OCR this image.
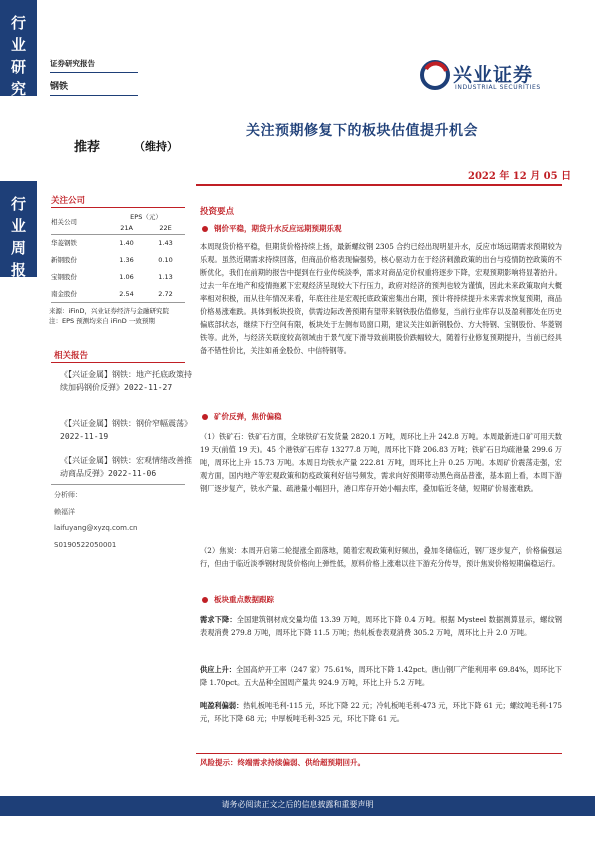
行
业
研
究
行
业
周
报
证券研究报告
钢铁
兴业证券
INDUSTRIAL SECURITIES
推荐	（维持）
关注预期修复下的板块估值提升机会
2022 年 12 月 05 日
关注公司
相关公司	EPS（元）
21A 22E	

华菱钢铁	1.40	1.43
新钢股份	1.36	0.10
宝钢股份	1.06	1.13
南金股份	2.54	2.72
来源：iFinD，兴业证券经济与金融研究院
注：EPS 预测均来自 iFinD 一致预期
相关报告
《【兴证金属】钢铁：地产托底政策持续加码钢价反弹》2022-11-27
《【兴证金属】钢铁：钢价窄幅震荡》2022-11-19
《【兴证金属】钢铁：宏观情绪改善推动商品反弹》2022-11-06
分析师：
赖福洋
laifuyang@xyzq.com.cn
S0190522050001
投资要点
钢价平稳，期货升水反应远期预期乐观
本周现货价格平稳，但期货价格持续上扬，最新螺纹钢 2305 合约已经出现明显升水，反应市场远期需求预期较为乐观。虽然近期需求持续回落，但商品价格表现偏强势，核心驱动力在于经济刺激政策的出台与疫情防控政策的不断优化，我们在前期的报告中提到在行业传统淡季，需求对商品定价权重将逐步下降，宏观预期影响将显著抬升。过去一年在地产和疫情拖累下宏观经济呈现较大下行压力，政府对经济的预判也较为谨慎，因此未来政策取向大概率相对积极，而从往年情况来看，年底往往是宏观托底政策密集出台期，预计将持续提升未来需求恢复预期，商品价格易涨难跌。具体到板块投资，供需边际改善预期有望带来钢铁股估值修复，当前行业库存以及盈利都处在历史偏底部状态，继续下行空间有限，板块处于左侧布局窗口期，建议关注如新钢股份、方大特钢、宝钢股份、华菱钢铁等。此外，与经济关联度较高领域由于景气度下滑导致前期股价跌幅较大，随着行业修复预期提升，当前已经具备不错性价比，关注如甬金股份、中信特钢等。
矿价反弹，焦价偏稳
（1）铁矿石：铁矿石方面，全球铁矿石发货量 2820.1 万吨，周环比上升 242.8 万吨。本周最新进口矿可用天数 19 天(前值 19 天)。45 个港铁矿石库存 13277.8 万吨，周环比下降 206.83 万吨；铁矿石日均疏港量 299.6 万吨，周环比上升 15.73 万吨。本周日均铁水产量 222.81 万吨，周环比上升 0.25 万吨。本周矿价震荡走强，宏观方面，国内地产等宏观政策和防疫政策利好信号频发，需求向好预期带动黑色商品普涨，基本面上看，本周下游钢厂逐步复产，铁水产量、疏港量小幅回升，港口库存开始小幅去库，叠加临近冬储，短期矿价易涨难跌。
（2）焦炭：本周开启第二轮提涨全面落地，随着宏观政策利好频出，叠加冬储临近，钢厂逐步复产，价格偏强运行，但由于临近淡季钢材现货价格向上弹性低，原料价格上涨难以往下游充分传导，预计焦炭价格短期偏稳运行。
板块重点数据跟踪
需求下降：全国建筑钢材成交量均值 13.39 万吨，周环比下降 0.4 万吨。根据 Mysteel 数据测算显示，螺纹钢表观消费 279.8 万吨，周环比下降 11.5 万吨；热轧板卷表观消费 305.2 万吨，周环比上升 2.0 万吨。
供应上升：全国高炉开工率（247 家）75.61%，周环比下降 1.42pct。唐山钢厂产能利用率 69.84%，周环比下降 1.70pct。五大品种全国周产量共 924.9 万吨，环比上升 5.2 万吨。
吨盈利偏弱：热轧板吨毛利-115 元，环比下降 22 元；冷轧板吨毛利-473 元，环比下降 61 元；螺纹吨毛利-175 元，环比下降 68 元；中厚板吨毛利-325 元，环比下降 61 元。
风险提示：终端需求持续偏弱、供给超预期回升。
请务必阅读正文之后的信息披露和重要声明
